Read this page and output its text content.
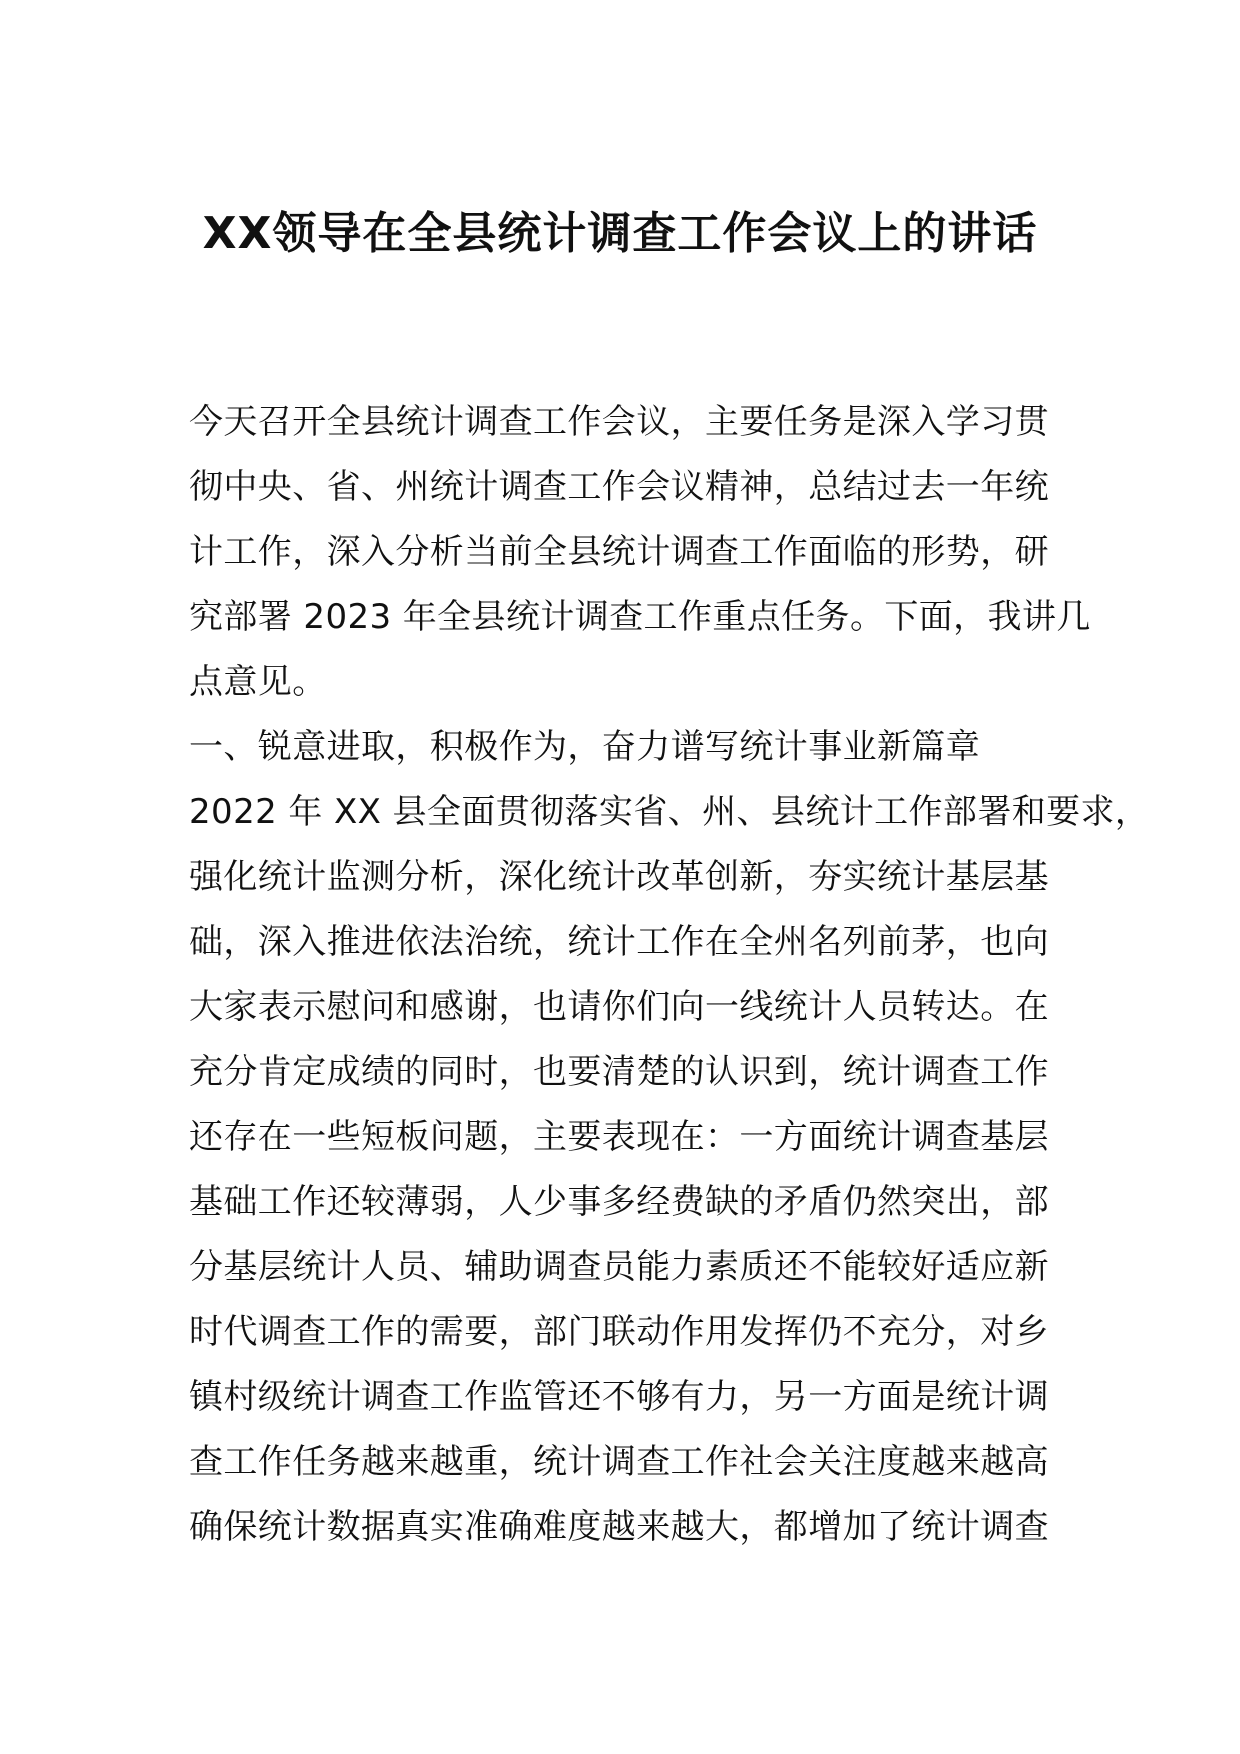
XX领导在全县统计调查工作会议上的讲话
今天召开全县统计调查工作会议，主要任务是深入学习贯
彻中央、省、州统计调查工作会议精神，总结过去一年统
计工作，深入分析当前全县统计调查工作面临的形势，研
究部署 2023 年全县统计调查工作重点任务。下面，我讲几
点意见。
一、锐意进取，积极作为，奋力谱写统计事业新篇章
2022 年 XX 县全面贯彻落实省、州、县统计工作部署和要求，
强化统计监测分析，深化统计改革创新，夯实统计基层基
础，深入推进依法治统，统计工作在全州名列前茅，也向
大家表示慰问和感谢，也请你们向一线统计人员转达。在
充分肯定成绩的同时，也要清楚的认识到，统计调查工作
还存在一些短板问题，主要表现在：一方面统计调查基层
基础工作还较薄弱，人少事多经费缺的矛盾仍然突出，部
分基层统计人员、辅助调查员能力素质还不能较好适应新
时代调查工作的需要，部门联动作用发挥仍不充分，对乡
镇村级统计调查工作监管还不够有力，另一方面是统计调
查工作任务越来越重，统计调查工作社会关注度越来越高
确保统计数据真实准确难度越来越大，都增加了统计调查
